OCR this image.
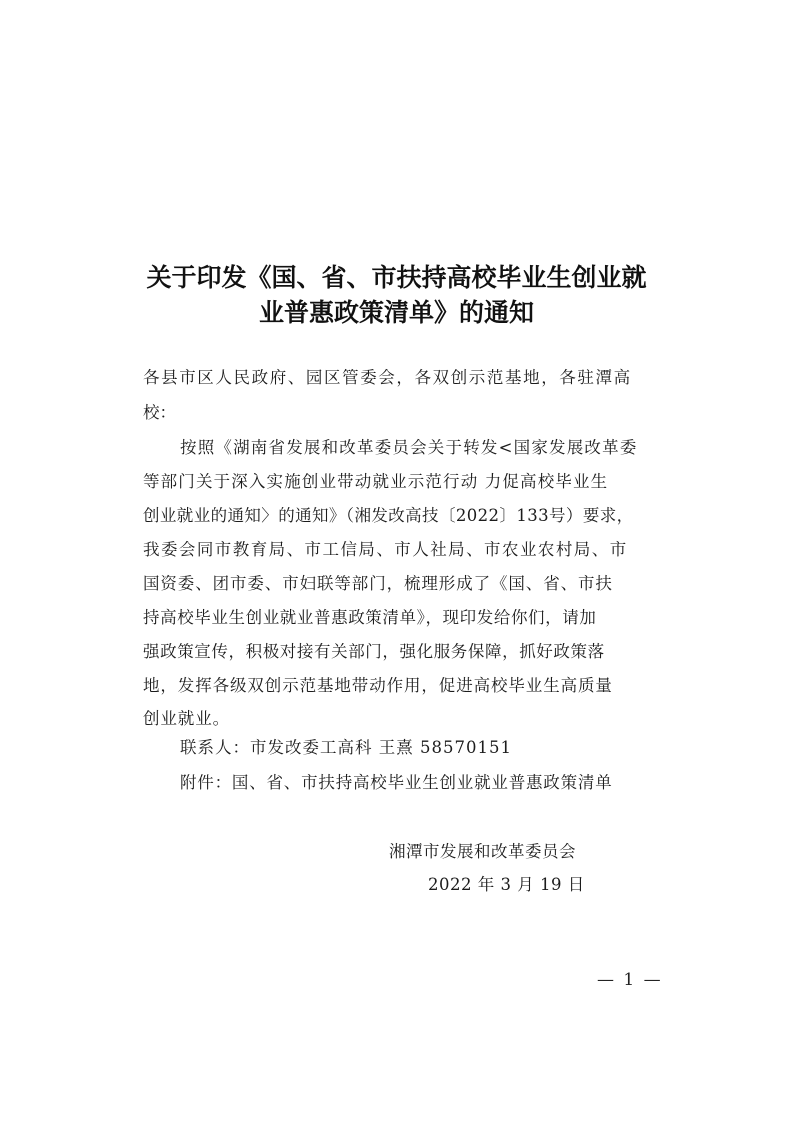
关于印发《国、省、市扶持高校毕业生创业就
业普惠政策清单》的通知
各县市区人民政府、园区管委会，各双创示范基地，各驻潭高
校：
按照《湖南省发展和改革委员会关于转发<国家发展改革委
等部门关于深入实施创业带动就业示范行动 力促高校毕业生
创业就业的通知〉的通知》（湘发改高技〔2022〕133号）要求，
我委会同市教育局、市工信局、市人社局、市农业农村局、市
国资委、团市委、市妇联等部门，梳理形成了《国、省、市扶
持高校毕业生创业就业普惠政策清单》，现印发给你们，请加
强政策宣传，积极对接有关部门，强化服务保障，抓好政策落
地，发挥各级双创示范基地带动作用，促进高校毕业生高质量
创业就业。
联系人：市发改委工高科 王熹 58570151
附件：国、省、市扶持高校毕业生创业就业普惠政策清单
湘潭市发展和改革委员会
2022 年 3 月 19 日
— 1 —
